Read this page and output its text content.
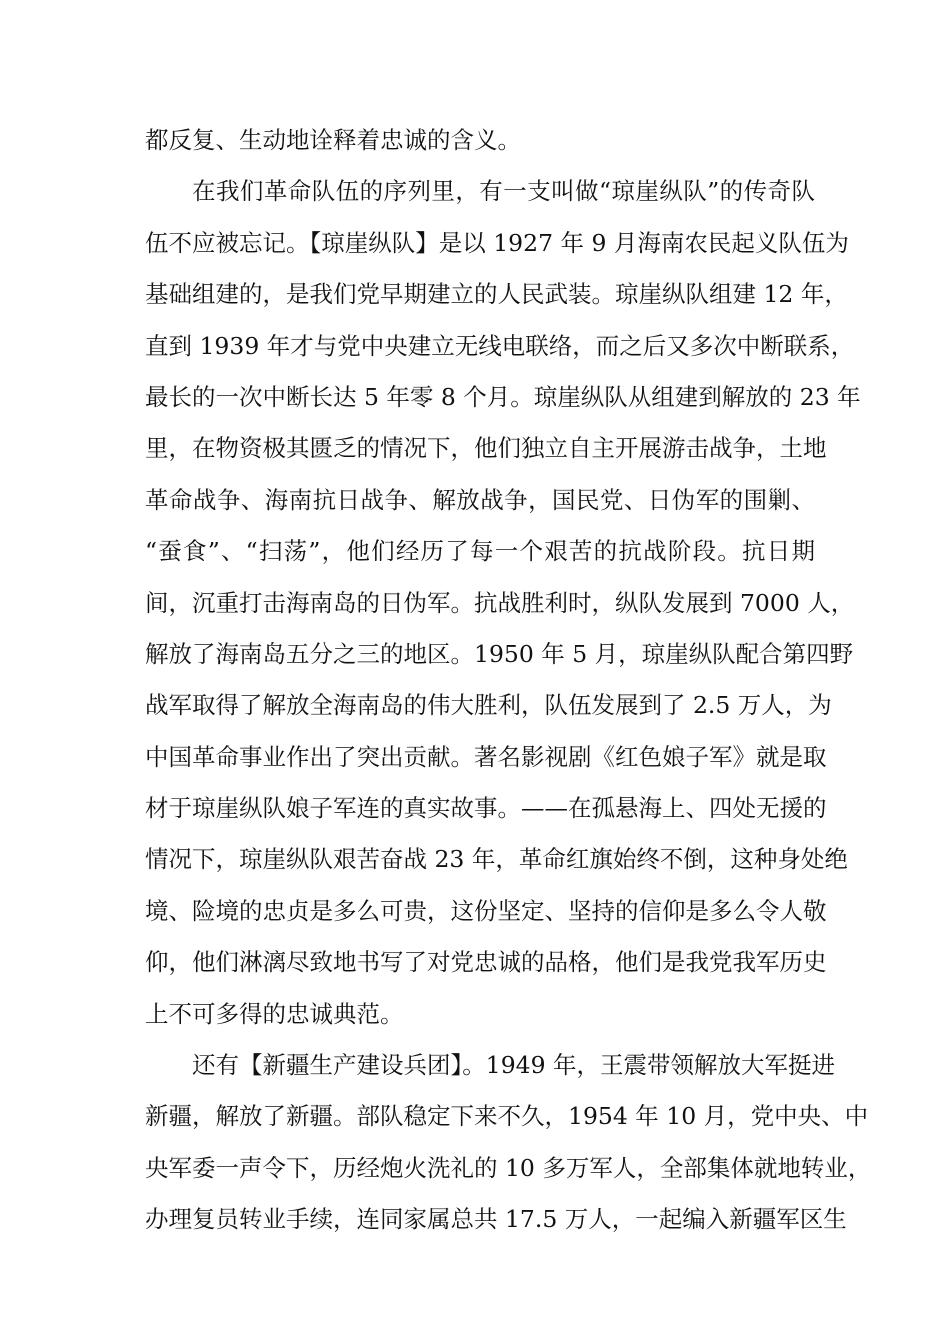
都反复、生动地诠释着忠诚的含义。
在我们革命队伍的序列里，有一支叫做“琼崖纵队”的传奇队
伍不应被忘记。【琼崖纵队】是以 1927 年 9 月海南农民起义队伍为
基础组建的，是我们党早期建立的人民武装。琼崖纵队组建 12 年，
直到 1939 年才与党中央建立无线电联络，而之后又多次中断联系，
最长的一次中断长达 5 年零 8 个月。琼崖纵队从组建到解放的 23 年
里，在物资极其匮乏的情况下，他们独立自主开展游击战争，土地
革命战争、海南抗日战争、解放战争，国民党、日伪军的围剿、
“蚕食”、“扫荡”，他们经历了每一个艰苦的抗战阶段。抗日期
间，沉重打击海南岛的日伪军。抗战胜利时，纵队发展到 7000 人，
解放了海南岛五分之三的地区。1950 年 5 月，琼崖纵队配合第四野
战军取得了解放全海南岛的伟大胜利，队伍发展到了 2.5 万人，为
中国革命事业作出了突出贡献。著名影视剧《红色娘子军》就是取
材于琼崖纵队娘子军连的真实故事。——在孤悬海上、四处无援的
情况下，琼崖纵队艰苦奋战 23 年，革命红旗始终不倒，这种身处绝
境、险境的忠贞是多么可贵，这份坚定、坚持的信仰是多么令人敬
仰，他们淋漓尽致地书写了对党忠诚的品格，他们是我党我军历史
上不可多得的忠诚典范。
还有【新疆生产建设兵团】。1949 年，王震带领解放大军挺进
新疆，解放了新疆。部队稳定下来不久，1954 年 10 月，党中央、中
央军委一声令下，历经炮火洗礼的 10 多万军人，全部集体就地转业，
办理复员转业手续，连同家属总共 17.5 万人，一起编入新疆军区生
